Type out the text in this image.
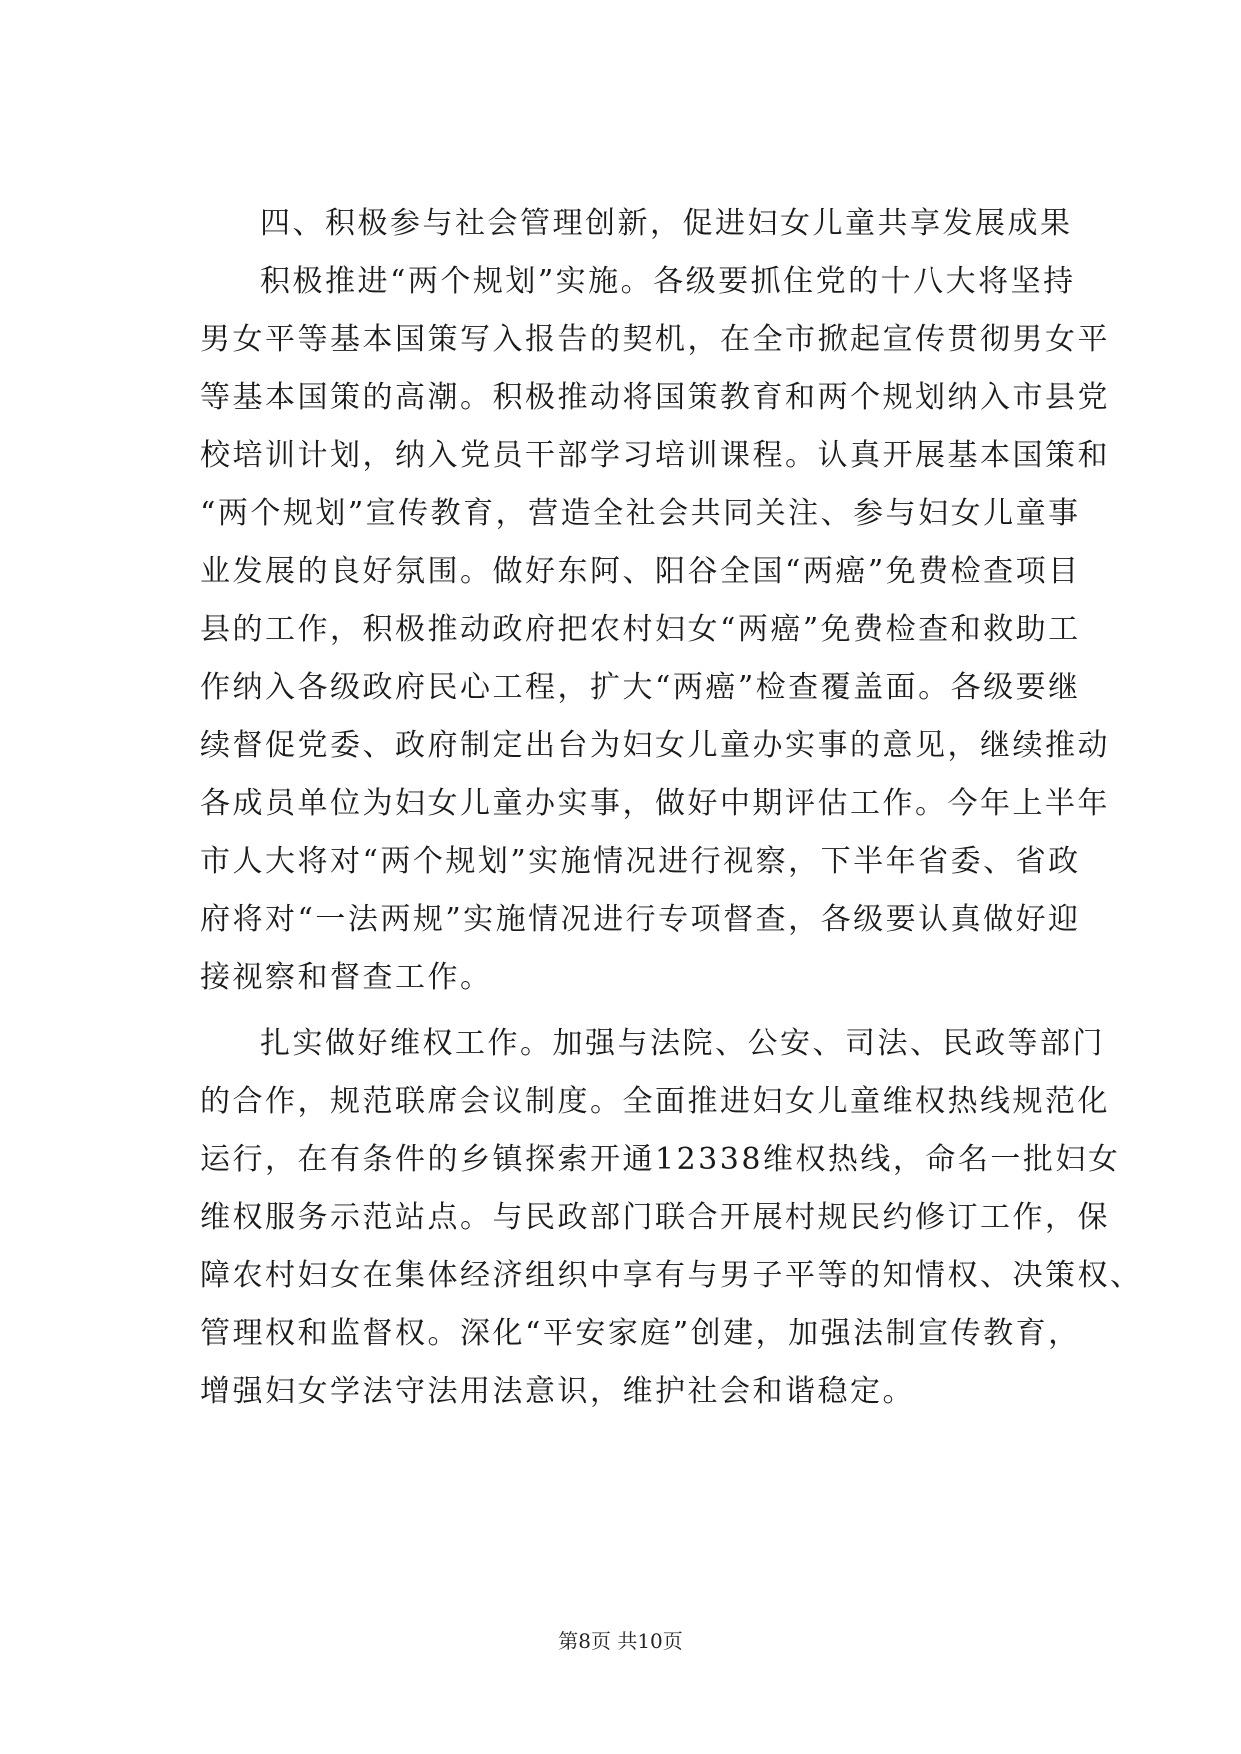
四、积极参与社会管理创新，促进妇女儿童共享发展成果
积极推进“两个规划”实施。各级要抓住党的十八大将坚持
男女平等基本国策写入报告的契机，在全市掀起宣传贯彻男女平
等基本国策的高潮。积极推动将国策教育和两个规划纳入市县党
校培训计划，纳入党员干部学习培训课程。认真开展基本国策和
“两个规划”宣传教育，营造全社会共同关注、参与妇女儿童事
业发展的良好氛围。做好东阿、阳谷全国“两癌”免费检查项目
县的工作，积极推动政府把农村妇女“两癌”免费检查和救助工
作纳入各级政府民心工程，扩大“两癌”检查覆盖面。各级要继
续督促党委、政府制定出台为妇女儿童办实事的意见，继续推动
各成员单位为妇女儿童办实事，做好中期评估工作。今年上半年
市人大将对“两个规划”实施情况进行视察，下半年省委、省政
府将对“一法两规”实施情况进行专项督查，各级要认真做好迎
接视察和督查工作。
扎实做好维权工作。加强与法院、公安、司法、民政等部门
的合作，规范联席会议制度。全面推进妇女儿童维权热线规范化
运行，在有条件的乡镇探索开通12338维权热线，命名一批妇女
维权服务示范站点。与民政部门联合开展村规民约修订工作，保
障农村妇女在集体经济组织中享有与男子平等的知情权、决策权、
管理权和监督权。深化“平安家庭”创建，加强法制宣传教育，
增强妇女学法守法用法意识，维护社会和谐稳定。
第8页 共10页
